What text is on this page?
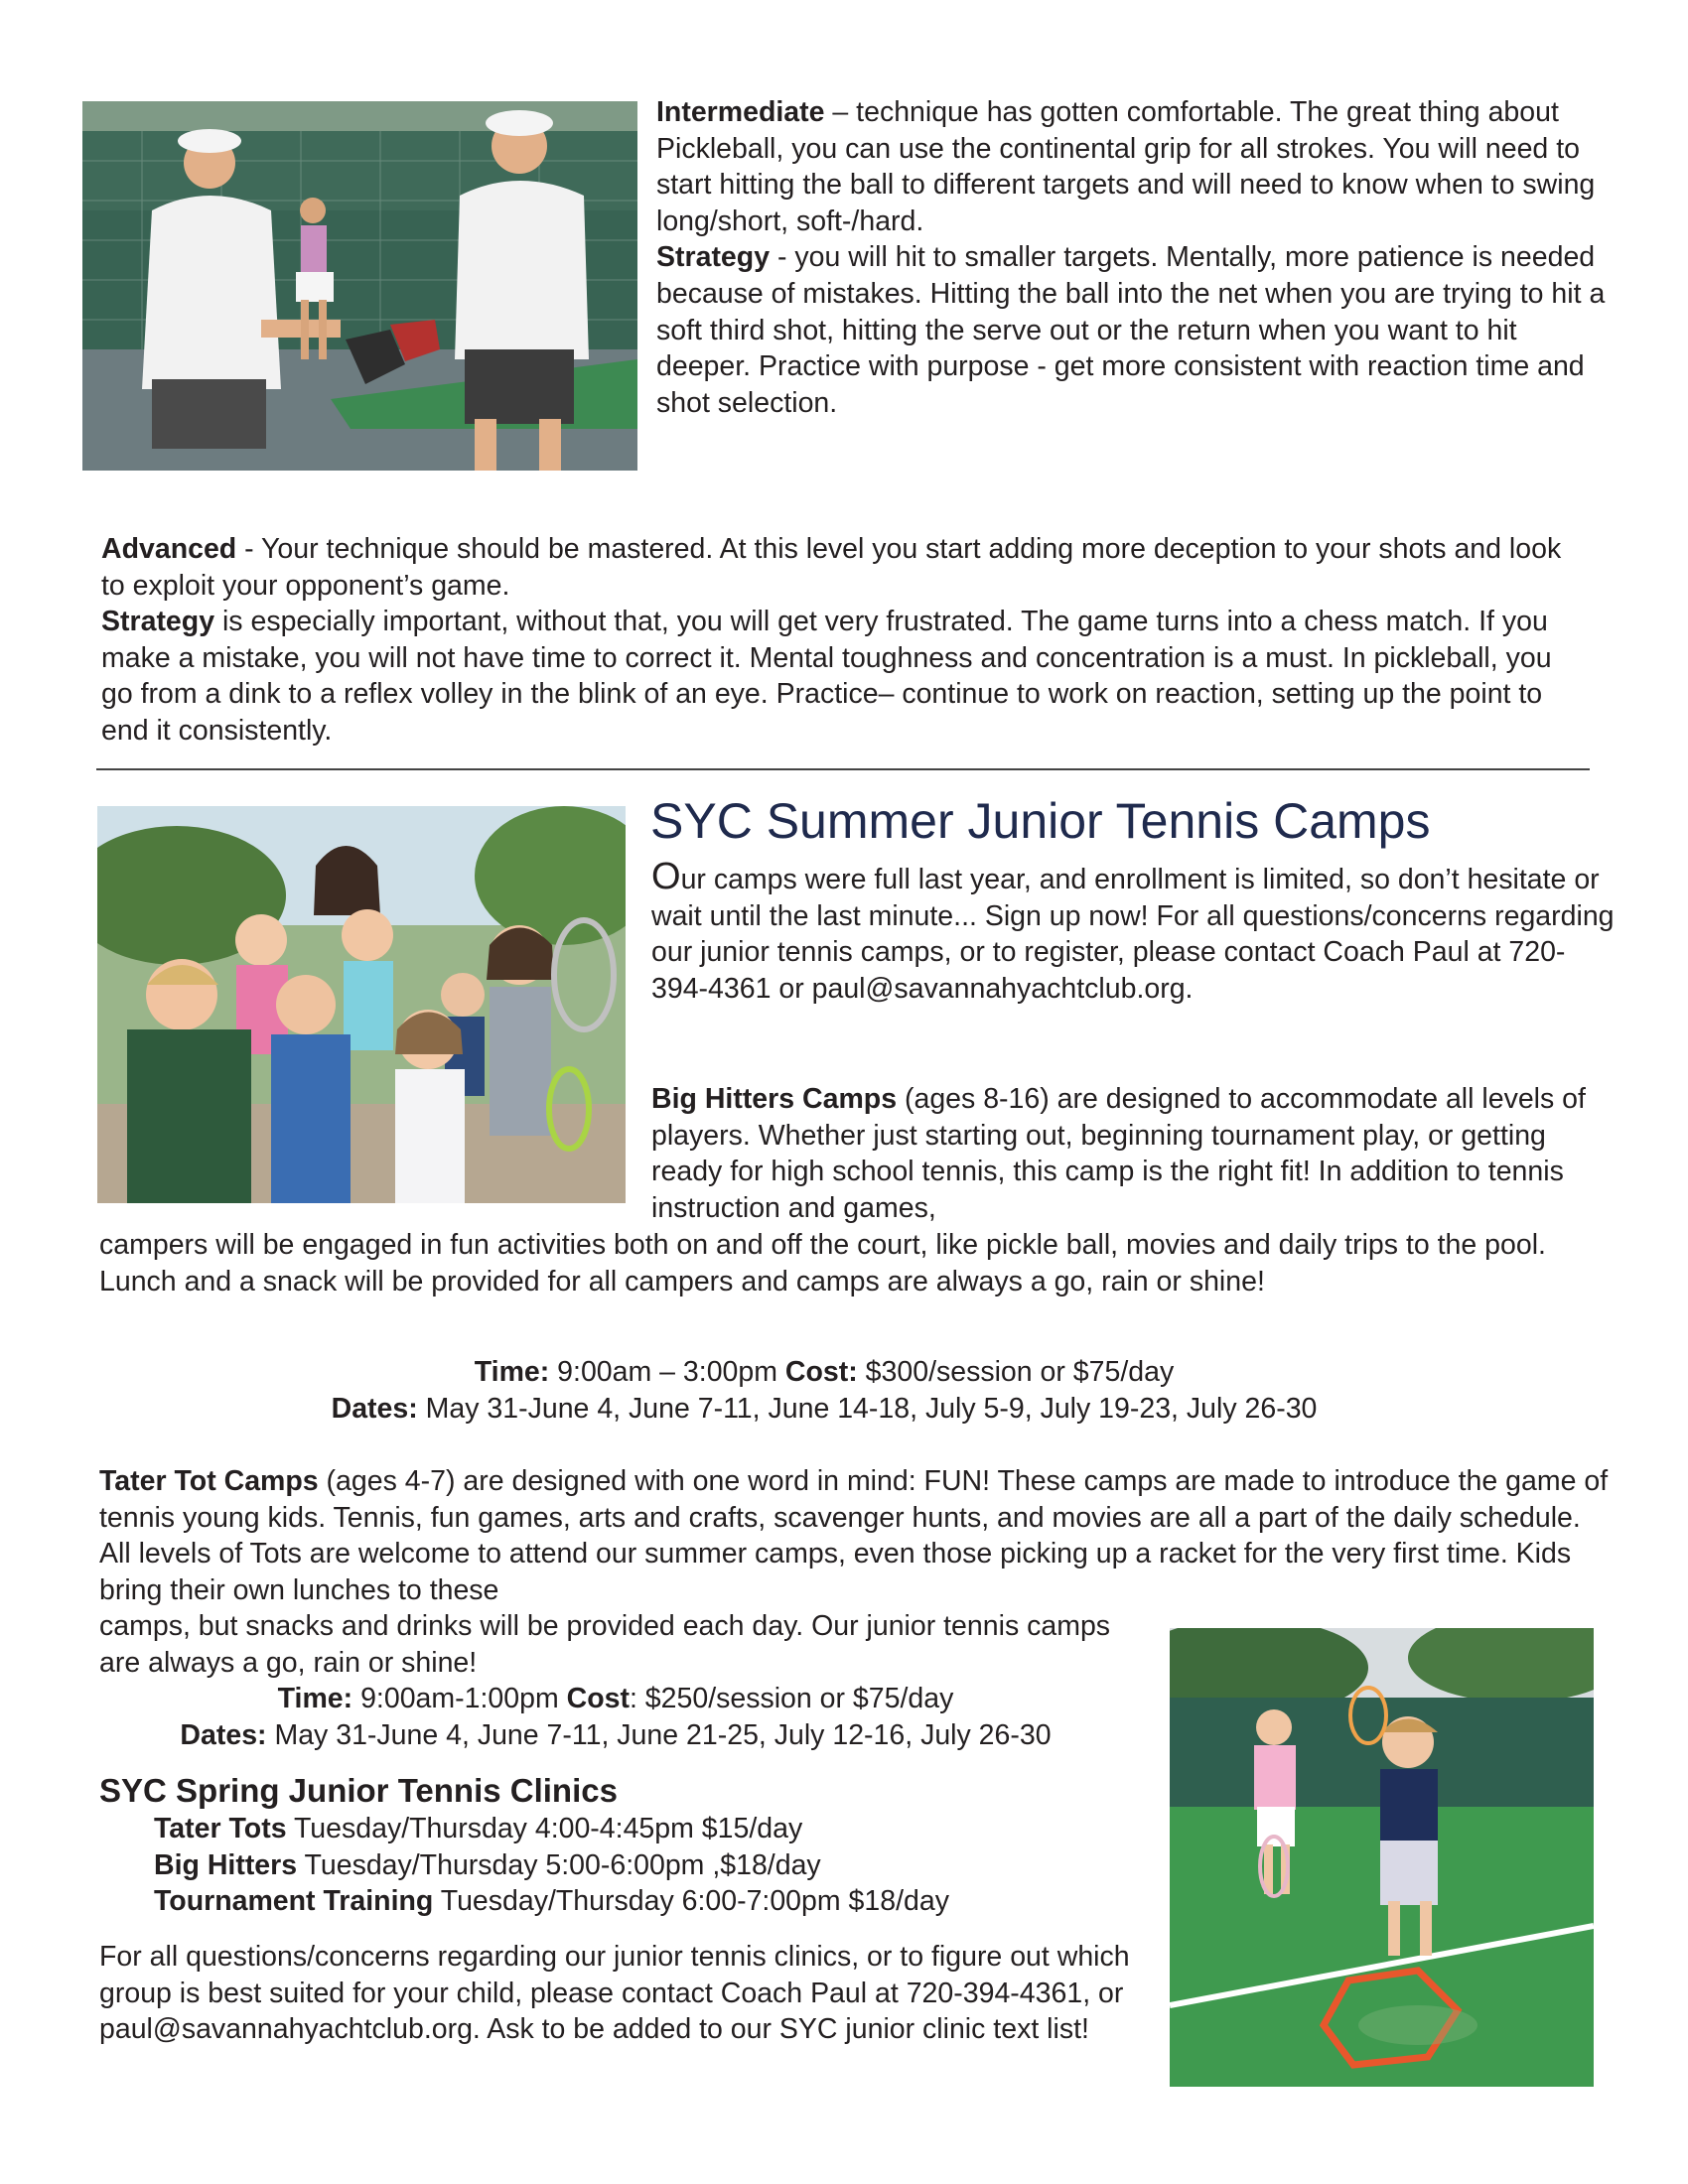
Intermediate – technique has gotten comfortable. The great thing about Pickleball, you can use the continental grip for all strokes. You will need to start hitting the ball to different targets and will need to know when to swing long/short, soft-/hard.
Strategy - you will hit to smaller targets. Mentally, more patience is needed because of mistakes. Hitting the ball into the net when you are trying to hit a soft third shot, hitting the serve out or the return when you want to hit deeper. Practice with purpose - get more consistent with reaction time and shot selection.
Advanced - Your technique should be mastered. At this level you start adding more deception to your shots and look to exploit your opponent’s game.
Strategy is especially important, without that, you will get very frustrated. The game turns into a chess match. If you make a mistake, you will not have time to correct it. Mental toughness and concentration is a must. In pickleball, you go from a dink to a reflex volley in the blink of an eye. Practice– continue to work on reaction, setting up the point to end it consistently.
SYC Summer Junior Tennis Camps
Our camps were full last year, and enrollment is limited, so don’t hesitate or wait until the last minute... Sign up now! For all questions/concerns regarding our junior tennis camps, or to register, please contact Coach Paul at 720-394-4361 or paul@savannahyachtclub.org.
Big Hitters Camps (ages 8-16) are designed to accommodate all levels of players. Whether just starting out, beginning tournament play, or getting ready for high school tennis, this camp is the right fit! In addition to tennis instruction and games,
campers will be engaged in fun activities both on and off the court, like pickle ball, movies and daily trips to the pool. Lunch and a snack will be provided for all campers and camps are always a go, rain or shine!
Time: 9:00am – 3:00pm Cost: $300/session or $75/day
Dates: May 31-June 4, June 7-11, June 14-18, July 5-9, July 19-23, July 26-30
Tater Tot Camps (ages 4-7) are designed with one word in mind: FUN! These camps are made to introduce the game of tennis young kids. Tennis, fun games, arts and crafts, scavenger hunts, and movies are all a part of the daily schedule. All levels of Tots are welcome to attend our summer camps, even those picking up a racket for the very first time. Kids bring their own lunches to these
camps, but snacks and drinks will be provided each day. Our junior tennis camps are always a go, rain or shine!
Time: 9:00am-1:00pm Cost: $250/session or $75/day
Dates: May 31-June 4, June 7-11, June 21-25, July 12-16, July 26-30
SYC Spring Junior Tennis Clinics
Tater Tots Tuesday/Thursday 4:00-4:45pm $15/day
Big Hitters Tuesday/Thursday 5:00-6:00pm ,$18/day
Tournament Training Tuesday/Thursday 6:00-7:00pm $18/day
For all questions/concerns regarding our junior tennis clinics, or to figure out which group is best suited for your child, please contact Coach Paul at 720-394-4361, or paul@savannahyachtclub.org. Ask to be added to our SYC junior clinic text list!
